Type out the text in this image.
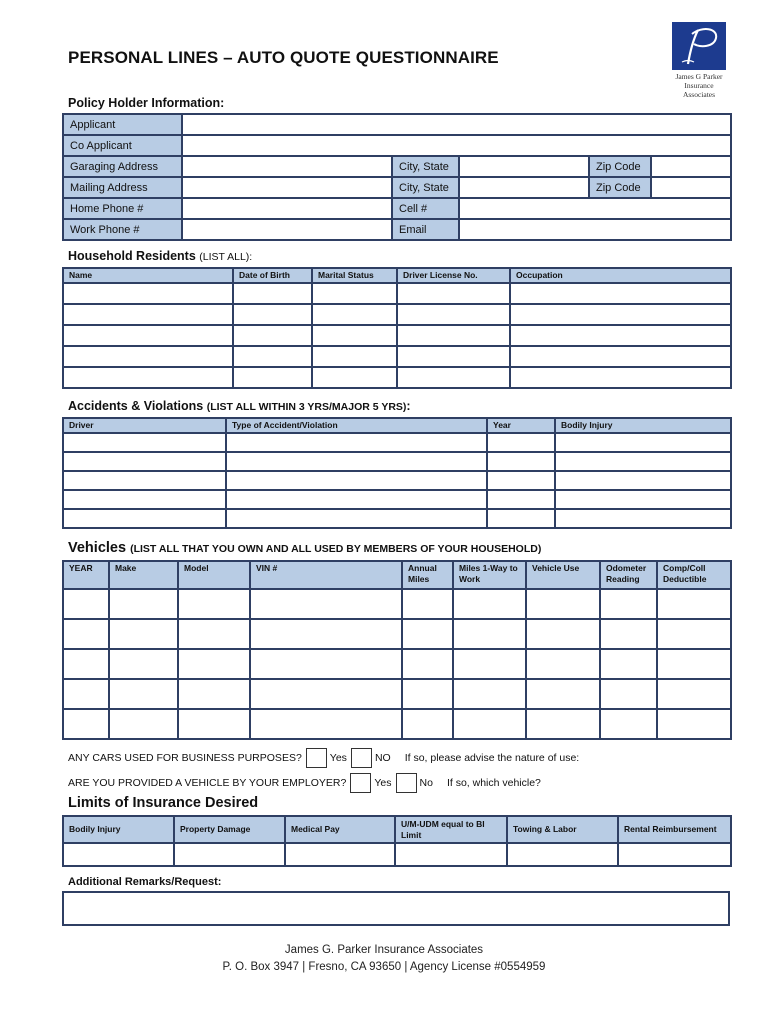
PERSONAL LINES – AUTO QUOTE QUESTIONNAIRE
James G Parker
Insurance
Associates
Policy Holder Information:
Applicant					
Co Applicant					
Garaging Address		City, State		Zip Code	
Mailing Address		City, State		Zip Code	
Home Phone #		Cell #			
Work Phone #		Email			
Household Residents (LIST ALL):
Name	Date of Birth	Marital Status	Driver License No.	Occupation

Accidents & Violations (LIST ALL WITHIN 3 YRS/MAJOR 5 YRS):
Driver	Type of Accident/Violation	Year	Bodily Injury

Vehicles (LIST ALL THAT YOU OWN AND ALL USED BY MEMBERS OF YOUR HOUSEHOLD)
YEAR	Make	Model	VIN #	Annual Miles	Miles 1-Way to Work	Vehicle Use	Odometer Reading	Comp/Coll Deductible

ANY CARS USED FOR BUSINESS PURPOSES?	Yes	NO If so, please advise the nature of use:
ARE YOU PROVIDED A VEHICLE BY YOUR EMPLOYER?	Yes	No If so, which vehicle?
Limits of Insurance Desired
Bodily Injury	Property Damage	Medical Pay	U/M-UDM equal to BI Limit	Towing & Labor	Rental Reimbursement

Additional Remarks/Request:
James G. Parker Insurance Associates
P. O. Box 3947 | Fresno, CA 93650 | Agency License #0554959
